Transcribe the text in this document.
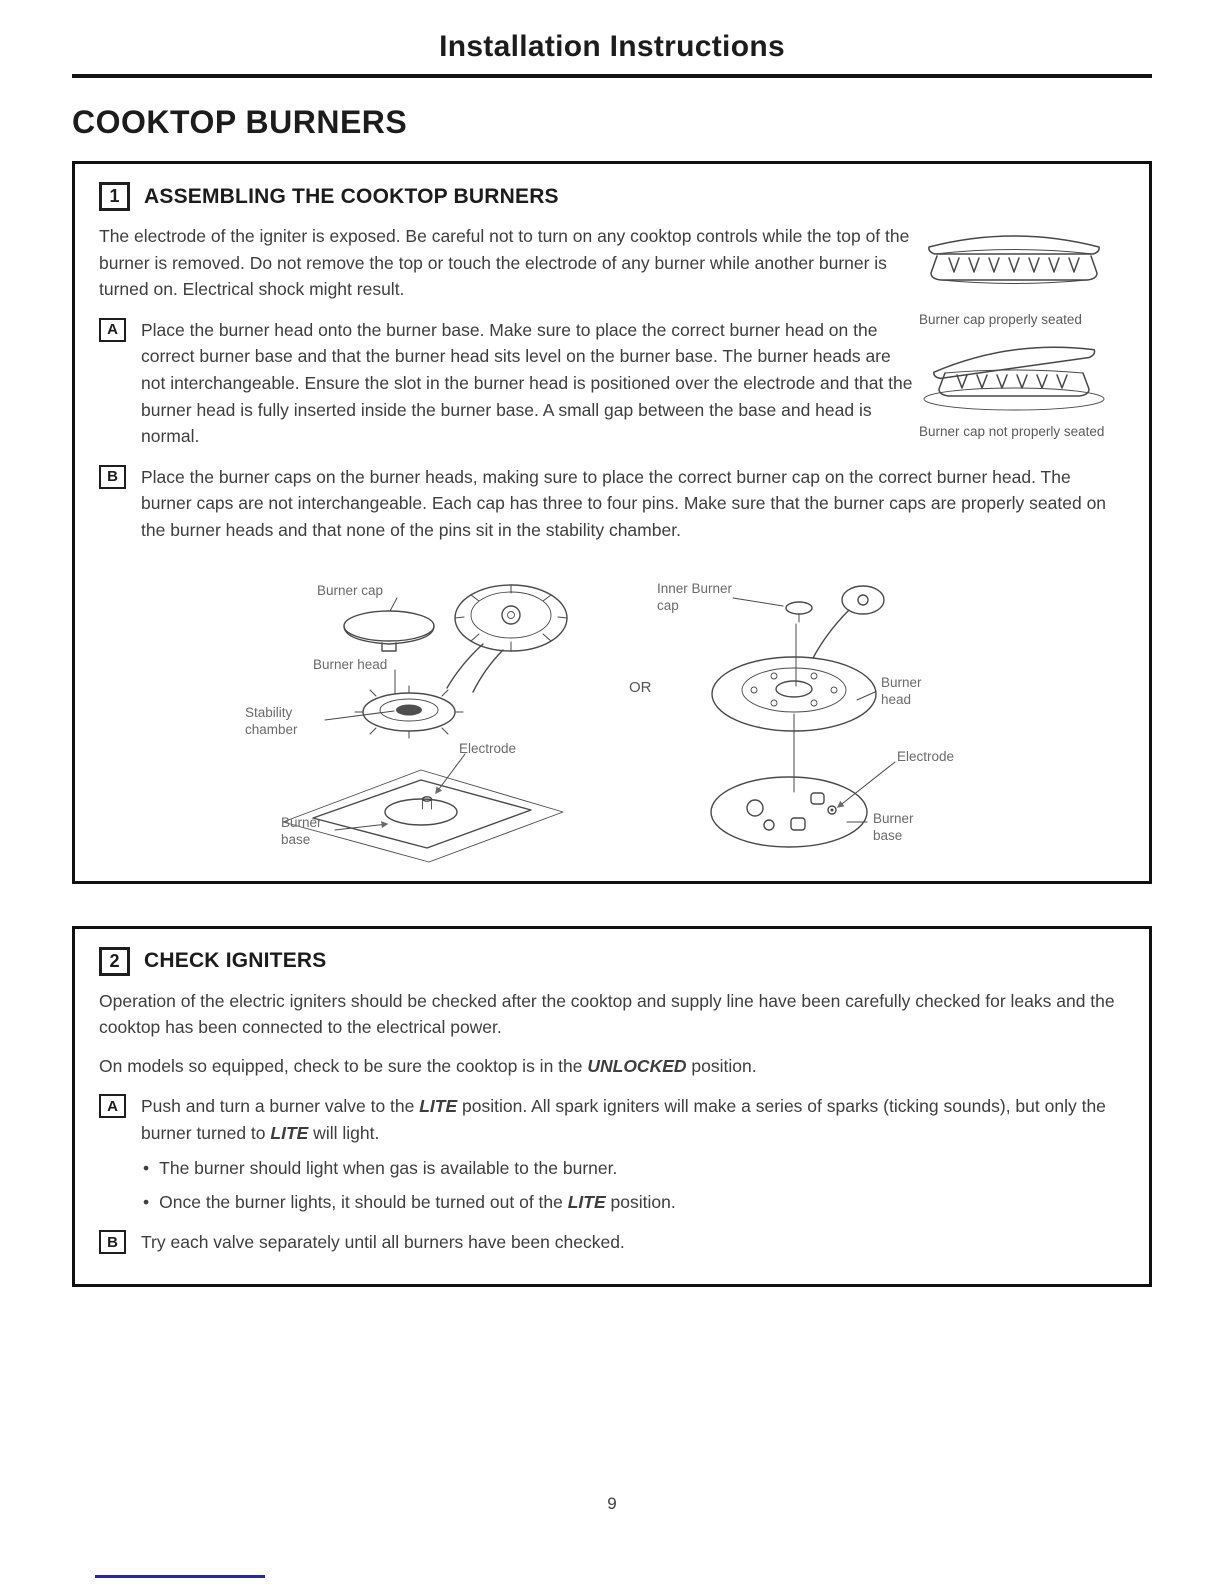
Installation Instructions
COOKTOP BURNERS
1	ASSEMBLING THE COOKTOP BURNERS
Burner cap properly seated
Burner cap not properly seated

The electrode of the igniter is exposed. Be careful not to turn on any cooktop controls while the top of the burner is removed. Do not remove the top or touch the electrode of any burner while another burner is turned on. Electrical shock might result.

A	Place the burner head onto the burner base. Make sure to place the correct burner head on the correct burner base and that the burner head sits level on the burner base. The burner heads are not interchangeable. Ensure the slot in the burner head is positioned over the electrode and that the burner head is fully inserted inside the burner base. A small gap between the base and head is normal.

B	Place the burner caps on the burner heads, making sure to place the correct burner cap on the correct burner head. The burner caps are not interchangeable. Each cap has three to four pins. Make sure that the burner caps are properly seated on the burner heads and that none of the pins sit in the stability chamber.

Burner cap
Burner head
Stability chamber
Electrode
Burner base
OR
Inner Burner cap
Burner head
Electrode
Burner base
2	CHECK IGNITERS

Operation of the electric igniters should be checked after the cooktop and supply line have been carefully checked for leaks and the cooktop has been connected to the electrical power.

On models so equipped, check to be sure the cooktop is in the UNLOCKED position.

A	Push and turn a burner valve to the LITE position. All spark igniters will make a series of sparks (ticking sounds), but only the burner turned to LITE will light.

• The burner should light when gas is available to the burner.
• Once the burner lights, it should be turned out of the LITE position.
B	Try each valve separately until all burners have been checked.

9
